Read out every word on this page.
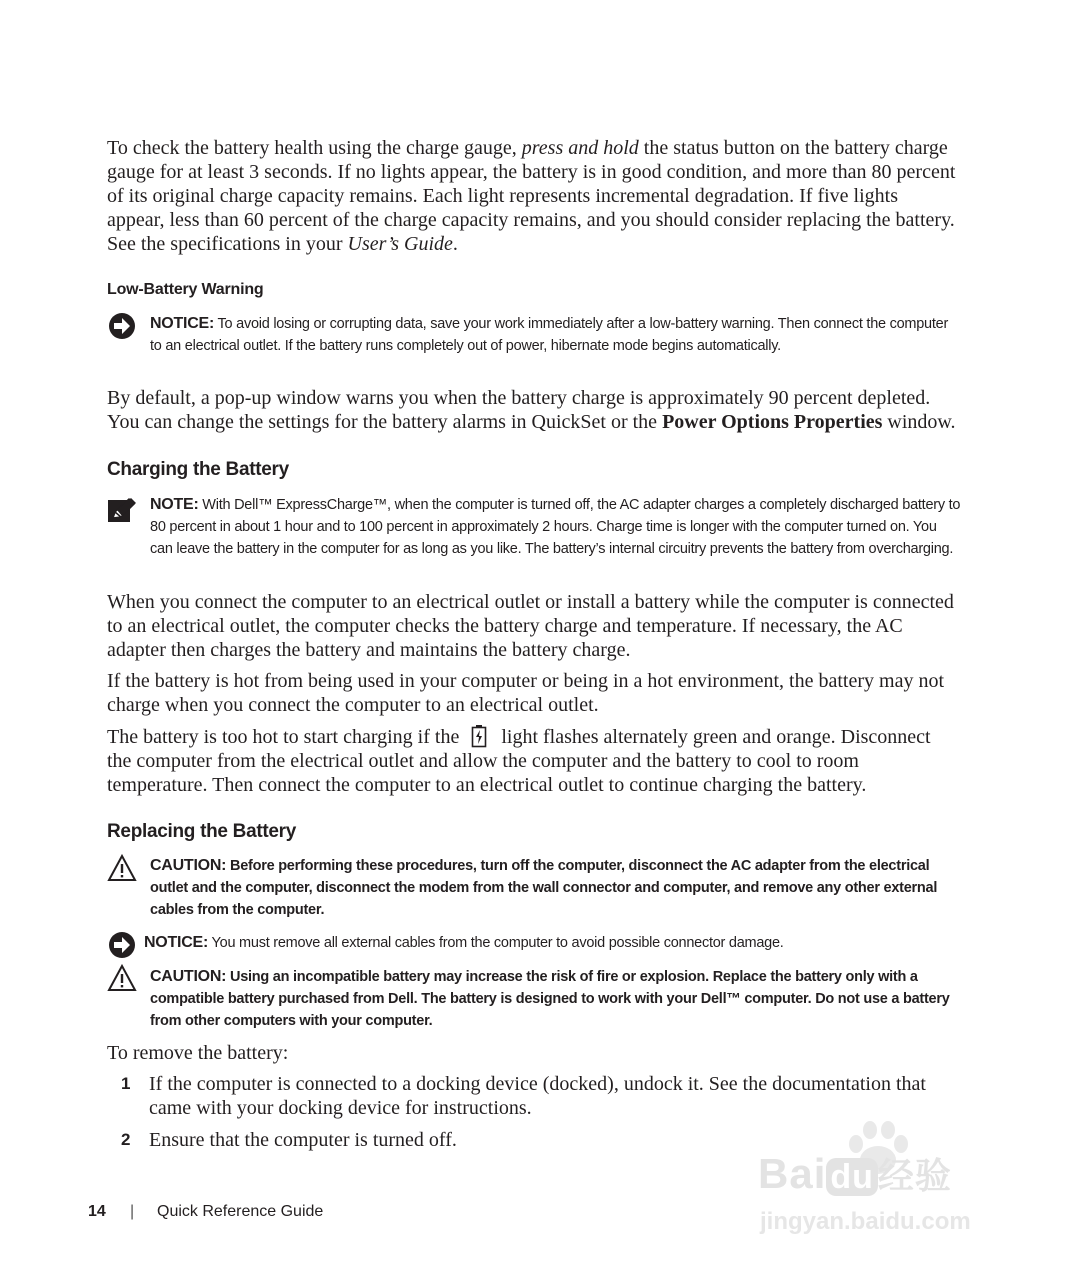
To check the battery health using the charge gauge, press and hold the status button on the battery charge gauge for at least 3 seconds. If no lights appear, the battery is in good condition, and more than 80 percent of its original charge capacity remains. Each light represents incremental degradation. If five lights appear, less than 60 percent of the charge capacity remains, and you should consider replacing the battery. See the specifications in your User’s Guide.

Low-Battery Warning
NOTICE: To avoid losing or corrupting data, save your work immediately after a low-battery warning. Then connect the computer to an electrical outlet. If the battery runs completely out of power, hibernate mode begins automatically.

By default, a pop-up window warns you when the battery charge is approximately 90 percent depleted. You can change the settings for the battery alarms in QuickSet or the Power Options Properties window.

Charging the Battery
NOTE: With Dell™ ExpressCharge™, when the computer is turned off, the AC adapter charges a completely discharged battery to 80 percent in about 1 hour and to 100 percent in approximately 2 hours. Charge time is longer with the computer turned on. You can leave the battery in the computer for as long as you like. The battery’s internal circuitry prevents the battery from overcharging.
When you connect the computer to an electrical outlet or install a battery while the computer is connected to an electrical outlet, the computer checks the battery charge and temperature. If necessary, the AC adapter then charges the battery and maintains the battery charge.
If the battery is hot from being used in your computer or being in a hot environment, the battery may not charge when you connect the computer to an electrical outlet.
The battery is too hot to start charging if the light flashes alternately green and orange. Disconnect the computer from the electrical outlet and allow the computer and the battery to cool to room temperature. Then connect the computer to an electrical outlet to continue charging the battery.
Replacing the Battery
CAUTION: Before performing these procedures, turn off the computer, disconnect the AC adapter from the electrical outlet and the computer, disconnect the modem from the wall connector and computer, and remove any other external cables from the computer.
NOTICE: You must remove all external cables from the computer to avoid possible connector damage.
CAUTION: Using an incompatible battery may increase the risk of fire or explosion. Replace the battery only with a compatible battery purchased from Dell. The battery is designed to work with your Dell™ computer. Do not use a battery from other computers with your computer.
To remove the battery:
1 If the computer is connected to a docking device (docked), undock it. See the documentation that came with your docking device for instructions.
2 Ensure that the computer is turned off.
14 | Quick Reference Guide
Bai du 经验
jingyan.baidu.com
